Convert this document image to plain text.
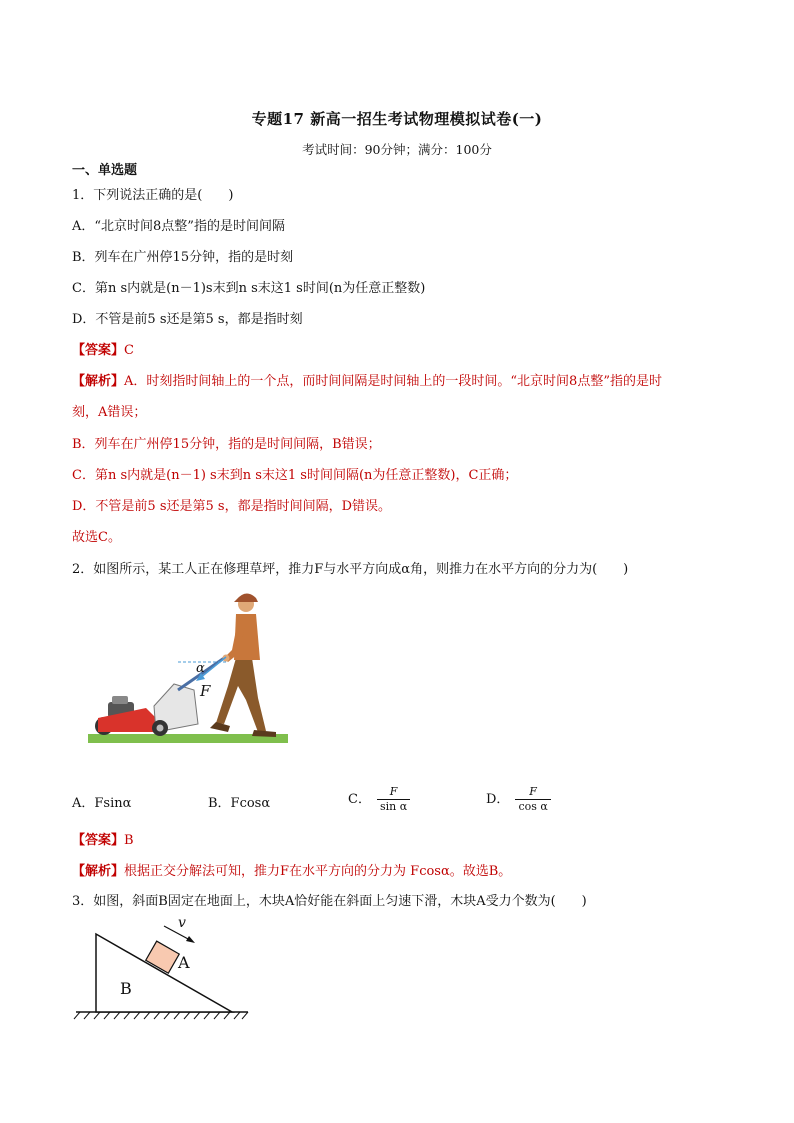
专题17 新高一招生考试物理模拟试卷(一)
考试时间：90分钟；满分：100分
一、单选题
1．下列说法正确的是(　　)
A．“北京时间8点整”指的是时间间隔
B．列车在广州停15分钟，指的是时刻
C．第n s内就是(n－1)s末到n s末这1 s时间(n为任意正整数)
D．不管是前5 s还是第5 s，都是指时刻
【答案】C
【解析】A．时刻指时间轴上的一个点，而时间间隔是时间轴上的一段时间。“北京时间8点整”指的是时
刻，A错误；
B．列车在广州停15分钟，指的是时间间隔，B错误；
C．第n s内就是(n－1) s末到n s末这1 s时间间隔(n为任意正整数)，C正确；
D．不管是前5 s还是第5 s，都是指时间间隔，D错误。
故选C。
2．如图所示，某工人正在修理草坪，推力F与水平方向成α角，则推力在水平方向的分力为(　　)
α
F
A．Fsinα	B．Fcosα	C． $\frac{F}{\text{sin α}}$	D． $\frac{F}{\text{cos α}}$
【答案】B
【解析】根据正交分解法可知，推力F在水平方向的分力为 Fcosα。故选B。
3．如图，斜面B固定在地面上，木块A恰好能在斜面上匀速下滑，木块A受力个数为(　　)
v
A
B
